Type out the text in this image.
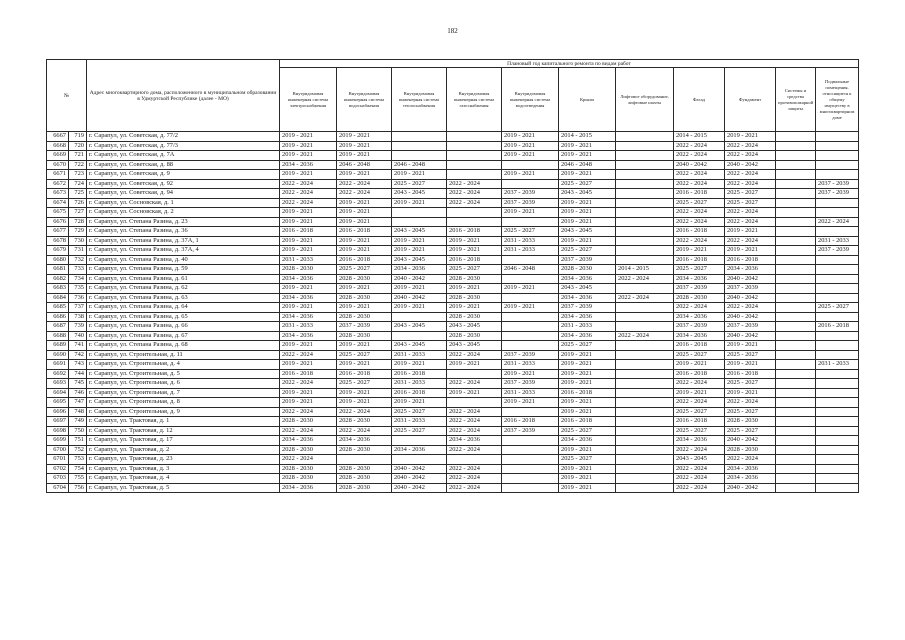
182
№		Адрес многоквартирного дома, расположенного в муниципальном образовании в Удмуртской Республике (далее - МО)	Плановый год капитального ремонта по видам работ										
			Внутридомовая инженерная система электроснабжения	Внутридомовая инженерная система водоснабжения	Внутридомовая инженерная система теплоснабжения	Внутридомовая инженерная система газоснабжения	Внутридомовая инженерная система водоотведения	Крыша	Лифтовое оборудование, лифтовые шахты	Фасад	Фундамент	Системы и средства противопожарной защиты	Подвальные помещения, относящиеся к общему имуществу в многоквартирном доме
6667	719	г. Сарапул, ул. Советская, д. 77/2	2019 - 2021	2019 - 2021			2019 - 2021	2014 - 2015		2014 - 2015	2019 - 2021		
6668	720	г. Сарапул, ул. Советская, д. 77/3	2019 - 2021	2019 - 2021			2019 - 2021	2019 - 2021		2022 - 2024	2022 - 2024		
6669	721	г. Сарапул, ул. Советская, д. 7А	2019 - 2021	2019 - 2021			2019 - 2021	2019 - 2021		2022 - 2024	2022 - 2024		
6670	722	г. Сарапул, ул. Советская, д. 88	2034 - 2036	2046 - 2048	2046 - 2048			2046 - 2048		2040 - 2042	2040 - 2042		
6671	723	г. Сарапул, ул. Советская, д. 9	2019 - 2021	2019 - 2021	2019 - 2021		2019 - 2021	2019 - 2021		2022 - 2024	2022 - 2024		
6672	724	г. Сарапул, ул. Советская, д. 92	2022 - 2024	2022 - 2024	2025 - 2027	2022 - 2024		2025 - 2027		2022 - 2024	2022 - 2024		2037 - 2039
6673	725	г. Сарапул, ул. Советская, д. 94	2022 - 2024	2022 - 2024	2043 - 2045	2022 - 2024	2037 - 2039	2043 - 2045		2016 - 2018	2025 - 2027		2037 - 2039
6674	726	г. Сарапул, ул. Сосновская, д. 1	2022 - 2024	2019 - 2021	2019 - 2021	2022 - 2024	2037 - 2039	2019 - 2021		2025 - 2027	2025 - 2027		
6675	727	г. Сарапул, ул. Сосновская, д. 2	2019 - 2021	2019 - 2021			2019 - 2021	2019 - 2021		2022 - 2024	2022 - 2024		
6676	728	г. Сарапул, ул. Степана Разина, д. 23	2019 - 2021	2019 - 2021				2019 - 2021		2022 - 2024	2022 - 2024		2022 - 2024
6677	729	г. Сарапул, ул. Степана Разина, д. 36	2016 - 2018	2016 - 2018	2043 - 2045	2016 - 2018	2025 - 2027	2043 - 2045		2016 - 2018	2019 - 2021		
6678	730	г. Сарапул, ул. Степана Разина, д. 37А, 1	2019 - 2021	2019 - 2021	2019 - 2021	2019 - 2021	2031 - 2033	2019 - 2021		2022 - 2024	2022 - 2024		2031 - 2033
6679	731	г. Сарапул, ул. Степана Разина, д. 37А, 4	2019 - 2021	2019 - 2021	2019 - 2021	2019 - 2021	2031 - 2033	2025 - 2027		2019 - 2021	2019 - 2021		2037 - 2039
6680	732	г. Сарапул, ул. Степана Разина, д. 40	2031 - 2033	2016 - 2018	2043 - 2045	2016 - 2018		2037 - 2039		2016 - 2018	2016 - 2018		
6681	733	г. Сарапул, ул. Степана Разина, д. 59	2028 - 2030	2025 - 2027	2034 - 2036	2025 - 2027	2046 - 2048	2028 - 2030	2014 - 2015	2025 - 2027	2034 - 2036		
6682	734	г. Сарапул, ул. Степана Разина, д. 61	2034 - 2036	2028 - 2030	2040 - 2042	2028 - 2030		2034 - 2036	2022 - 2024	2034 - 2036	2040 - 2042		
6683	735	г. Сарапул, ул. Степана Разина, д. 62	2019 - 2021	2019 - 2021	2019 - 2021	2019 - 2021	2019 - 2021	2043 - 2045		2037 - 2039	2037 - 2039		
6684	736	г. Сарапул, ул. Степана Разина, д. 63	2034 - 2036	2028 - 2030	2040 - 2042	2028 - 2030		2034 - 2036	2022 - 2024	2028 - 2030	2040 - 2042		
6685	737	г. Сарапул, ул. Степана Разина, д. 64	2019 - 2021	2019 - 2021	2019 - 2021	2019 - 2021	2019 - 2021	2037 - 2039		2022 - 2024	2022 - 2024		2025 - 2027
6686	738	г. Сарапул, ул. Степана Разина, д. 65	2034 - 2036	2028 - 2030		2028 - 2030		2034 - 2036		2034 - 2036	2040 - 2042		
6687	739	г. Сарапул, ул. Степана Разина, д. 66	2031 - 2033	2037 - 2039	2043 - 2045	2043 - 2045		2031 - 2033		2037 - 2039	2037 - 2039		2016 - 2018
6688	740	г. Сарапул, ул. Степана Разина, д. 67	2034 - 2036	2028 - 2030		2028 - 2030		2034 - 2036	2022 - 2024	2034 - 2036	2040 - 2042		
6689	741	г. Сарапул, ул. Степана Разина, д. 68	2019 - 2021	2019 - 2021	2043 - 2045	2043 - 2045		2025 - 2027		2016 - 2018	2019 - 2021		
6690	742	г. Сарапул, ул. Строительная, д. 11	2022 - 2024	2025 - 2027	2031 - 2033	2022 - 2024	2037 - 2039	2019 - 2021		2025 - 2027	2025 - 2027		
6691	743	г. Сарапул, ул. Строительная, д. 4	2019 - 2021	2019 - 2021	2019 - 2021	2019 - 2021	2031 - 2033	2019 - 2021		2019 - 2021	2019 - 2021		2031 - 2033
6692	744	г. Сарапул, ул. Строительная, д. 5	2016 - 2018	2016 - 2018	2016 - 2018		2019 - 2021	2019 - 2021		2016 - 2018	2016 - 2018		
6693	745	г. Сарапул, ул. Строительная, д. 6	2022 - 2024	2025 - 2027	2031 - 2033	2022 - 2024	2037 - 2039	2019 - 2021		2022 - 2024	2025 - 2027		
6694	746	г. Сарапул, ул. Строительная, д. 7	2019 - 2021	2019 - 2021	2016 - 2018	2019 - 2021	2031 - 2033	2016 - 2018		2019 - 2021	2019 - 2021		
6695	747	г. Сарапул, ул. Строительная, д. 8	2019 - 2021	2019 - 2021	2019 - 2021		2019 - 2021	2019 - 2021		2022 - 2024	2022 - 2024		
6696	748	г. Сарапул, ул. Строительная, д. 9	2022 - 2024	2022 - 2024	2025 - 2027	2022 - 2024		2019 - 2021		2025 - 2027	2025 - 2027		
6697	749	г. Сарапул, ул. Трактовая, д. 1	2028 - 2030	2028 - 2030	2031 - 2033	2022 - 2024	2016 - 2018	2016 - 2018		2016 - 2018	2028 - 2030		
6698	750	г. Сарапул, ул. Трактовая, д. 12	2022 - 2024	2022 - 2024	2025 - 2027	2022 - 2024	2037 - 2039	2025 - 2027		2025 - 2027	2025 - 2027		
6699	751	г. Сарапул, ул. Трактовая, д. 17	2034 - 2036	2034 - 2036		2034 - 2036		2034 - 2036		2034 - 2036	2040 - 2042		
6700	752	г. Сарапул, ул. Трактовая, д. 2	2028 - 2030	2028 - 2030	2034 - 2036	2022 - 2024		2019 - 2021		2022 - 2024	2028 - 2030		
6701	753	г. Сарапул, ул. Трактовая, д. 23	2022 - 2024					2025 - 2027		2043 - 2045	2022 - 2024		
6702	754	г. Сарапул, ул. Трактовая, д. 3	2028 - 2030	2028 - 2030	2040 - 2042	2022 - 2024		2019 - 2021		2022 - 2024	2034 - 2036		
6703	755	г. Сарапул, ул. Трактовая, д. 4	2028 - 2030	2028 - 2030	2040 - 2042	2022 - 2024		2019 - 2021		2022 - 2024	2034 - 2036		
6704	756	г. Сарапул, ул. Трактовая, д. 5	2034 - 2036	2028 - 2030	2040 - 2042	2022 - 2024		2019 - 2021		2022 - 2024	2040 - 2042		
